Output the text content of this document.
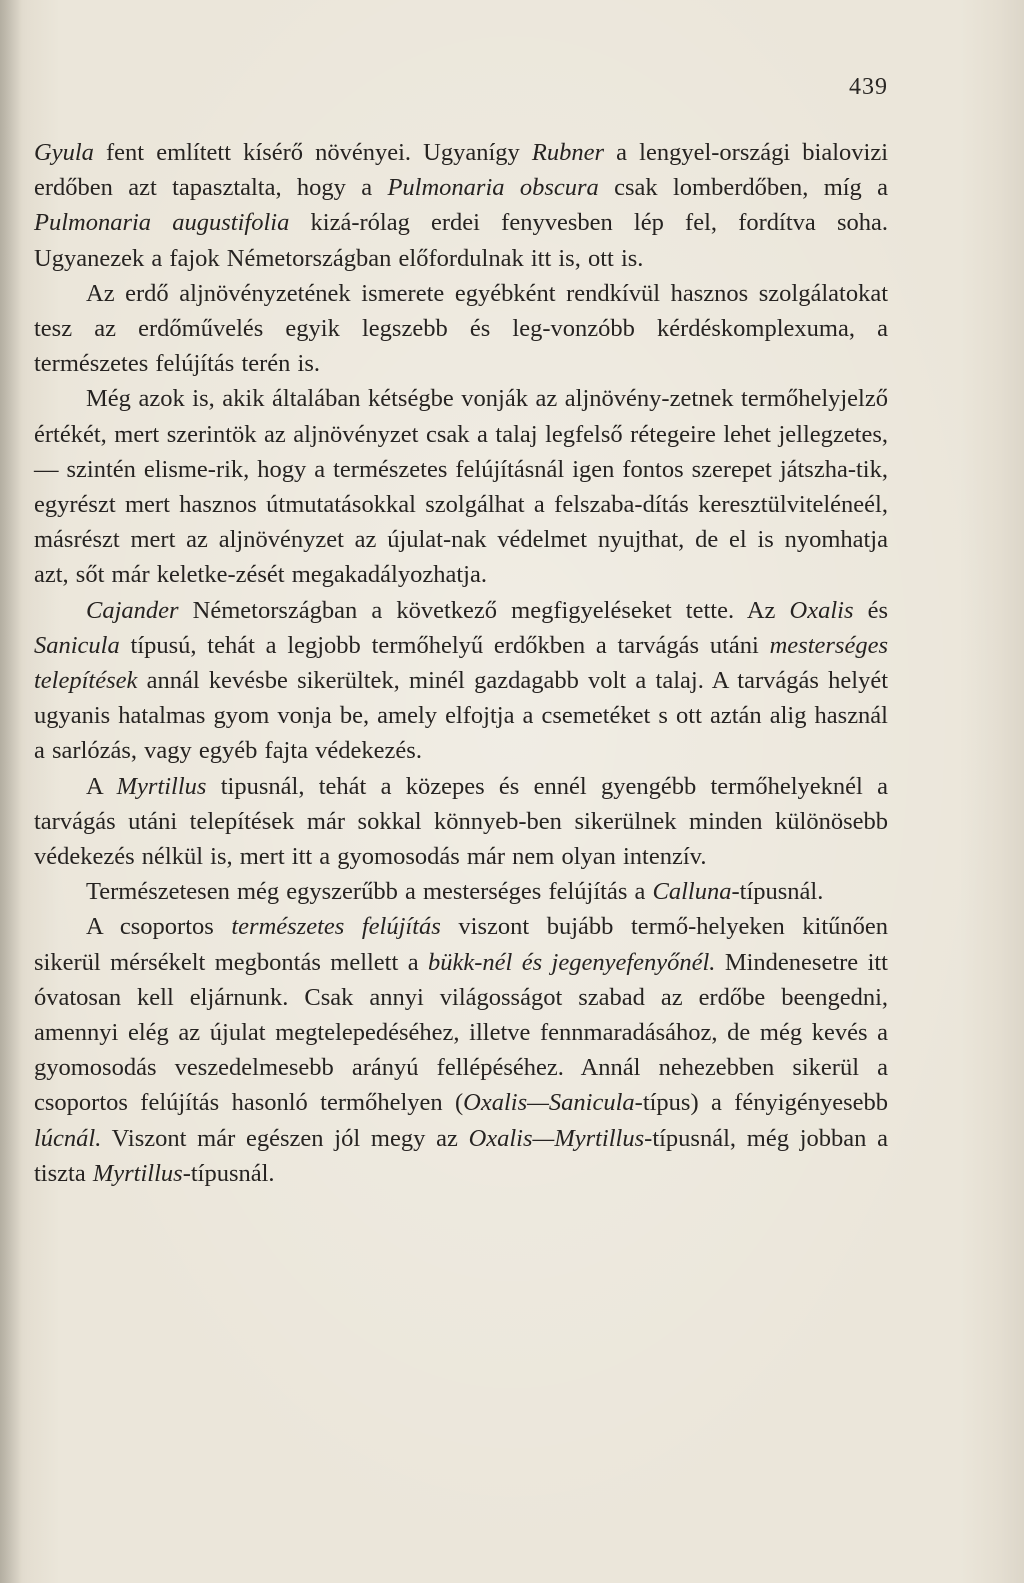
439

Gyula fent említett kísérő növényei. Ugyanígy Rubner a lengyel-országi bialovizi erdőben azt tapasztalta, hogy a Pulmonaria obscura csak lomberdőben, míg a Pulmonaria augustifolia kizá-rólag erdei fenyvesben lép fel, fordítva soha. Ugyanezek a fajok Németországban előfordulnak itt is, ott is.

Az erdő aljnövényzetének ismerete egyébként rendkívül hasznos szolgálatokat tesz az erdőművelés egyik legszebb és leg-vonzóbb kérdéskomplexuma, a természetes felújítás terén is.

Még azok is, akik általában kétségbe vonják az aljnövény-zetnek termőhelyjelző értékét, mert szerintök az aljnövényzet csak a talaj legfelső rétegeire lehet jellegzetes, — szintén elisme-rik, hogy a természetes felújításnál igen fontos szerepet játszha-tik, egyrészt mert hasznos útmutatásokkal szolgálhat a felszaba-dítás keresztülviteléneél, másrészt mert az aljnövényzet az újulat-nak védelmet nyujthat, de el is nyomhatja azt, sőt már keletke-zését megakadályozhatja.

Cajander Németországban a következő megfigyeléseket tette. Az Oxalis és Sanicula típusú, tehát a legjobb termőhelyű erdőkben a tarvágás utáni mesterséges telepítések annál kevésbe sikerültek, minél gazdagabb volt a talaj. A tarvágás helyét ugyanis hatalmas gyom vonja be, amely elfojtja a csemetéket s ott aztán alig használ a sarlózás, vagy egyéb fajta védekezés.

A Myrtillus tipusnál, tehát a közepes és ennél gyengébb termőhelyeknél a tarvágás utáni telepítések már sokkal könnyeb-ben sikerülnek minden különösebb védekezés nélkül is, mert itt a gyomosodás már nem olyan intenzív.

Természetesen még egyszerűbb a mesterséges felújítás a Calluna-típusnál.

A csoportos természetes felújítás viszont bujább termő-helyeken kitűnően sikerül mérsékelt megbontás mellett a bükk-nél és jegenyefenyőnél. Mindenesetre itt óvatosan kell eljárnunk. Csak annyi világosságot szabad az erdőbe beengedni, amennyi elég az újulat megtelepedéséhez, illetve fennmaradásához, de még kevés a gyomosodás veszedelmesebb arányú fellépéséhez. Annál nehezebben sikerül a csoportos felújítás hasonló termőhelyen (Oxalis—Sanicula-típus) a fényigényesebb lúcnál. Viszont már egészen jól megy az Oxalis—Myrtillus-típusnál, még jobban a tiszta Myrtillus-típusnál.
